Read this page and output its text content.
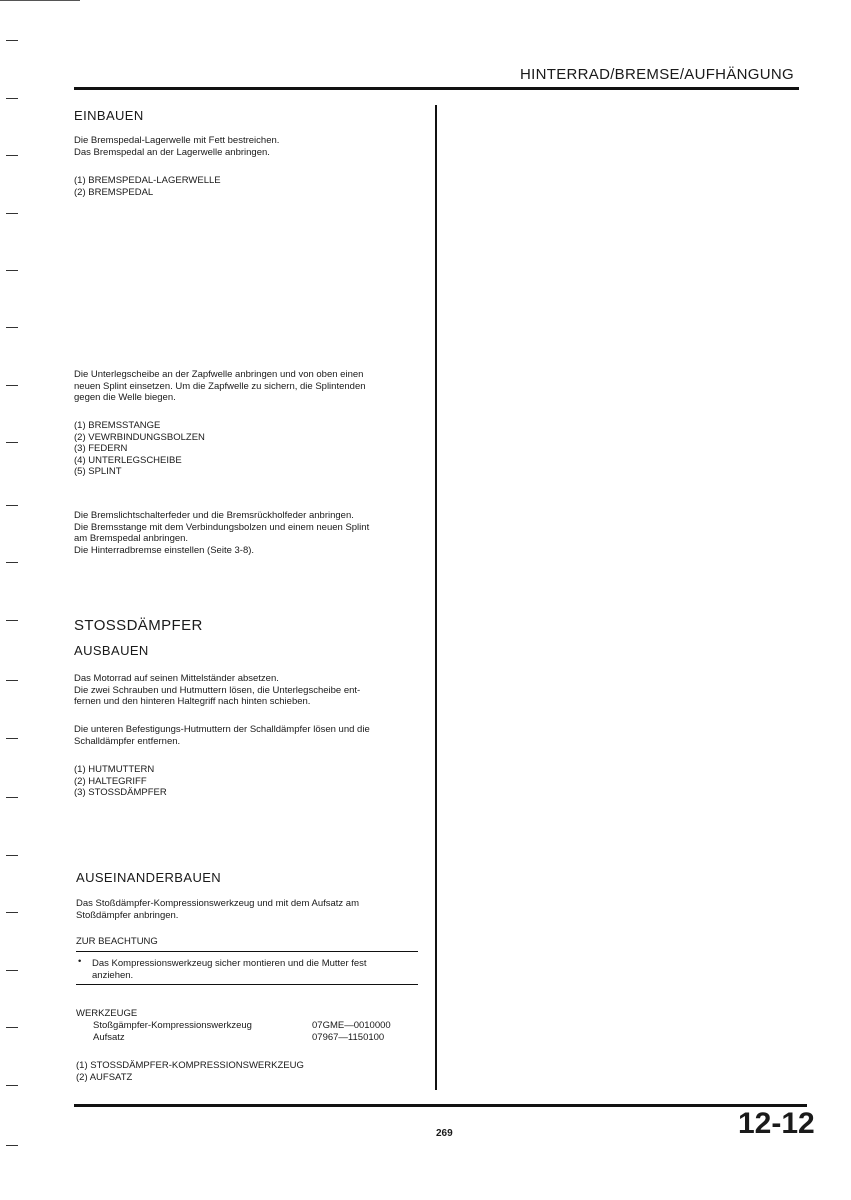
HINTERRAD/BREMSE/AUFHÄNGUNG
EINBAUEN
Die Bremspedal-Lagerwelle mit Fett bestreichen.
Das Bremspedal an der Lagerwelle anbringen.
(1) BREMSPEDAL-LAGERWELLE
(2) BREMSPEDAL
Die Unterlegscheibe an der Zapfwelle anbringen und von oben einen
neuen Splint einsetzen. Um die Zapfwelle zu sichern, die Splintenden
gegen die Welle biegen.
(1) BREMSSTANGE
(2) VEWRBINDUNGSBOLZEN
(3) FEDERN
(4) UNTERLEGSCHEIBE
(5) SPLINT
Die Bremslichtschalterfeder und die Bremsrückholfeder anbringen.
Die Bremsstange mit dem Verbindungsbolzen und einem neuen Splint
am Bremspedal anbringen.
Die Hinterradbremse einstellen (Seite 3-8).
STOSSDÄMPFER
AUSBAUEN
Das Motorrad auf seinen Mittelständer absetzen.
Die zwei Schrauben und Hutmuttern lösen, die Unterlegscheibe ent-
fernen und den hinteren Haltegriff nach hinten schieben.
Die unteren Befestigungs-Hutmuttern der Schalldämpfer lösen und die
Schalldämpfer entfernen.
(1) HUTMUTTERN
(2) HALTEGRIFF
(3) STOSSDÄMPFER
AUSEINANDERBAUEN
Das Stoßdämpfer-Kompressionswerkzeug und mit dem Aufsatz am
Stoßdämpfer anbringen.
ZUR BEACHTUNG
• Das Kompressionswerkzeug sicher montieren und die Mutter fest
anziehen.
WERKZEUGE
Stoßgämpfer-Kompressionswerkzeug	07GME—0010000
Aufsatz	07967—1150100
(1) STOSSDÄMPFER-KOMPRESSIONSWERKZEUG
(2) AUFSATZ
269	12-12
